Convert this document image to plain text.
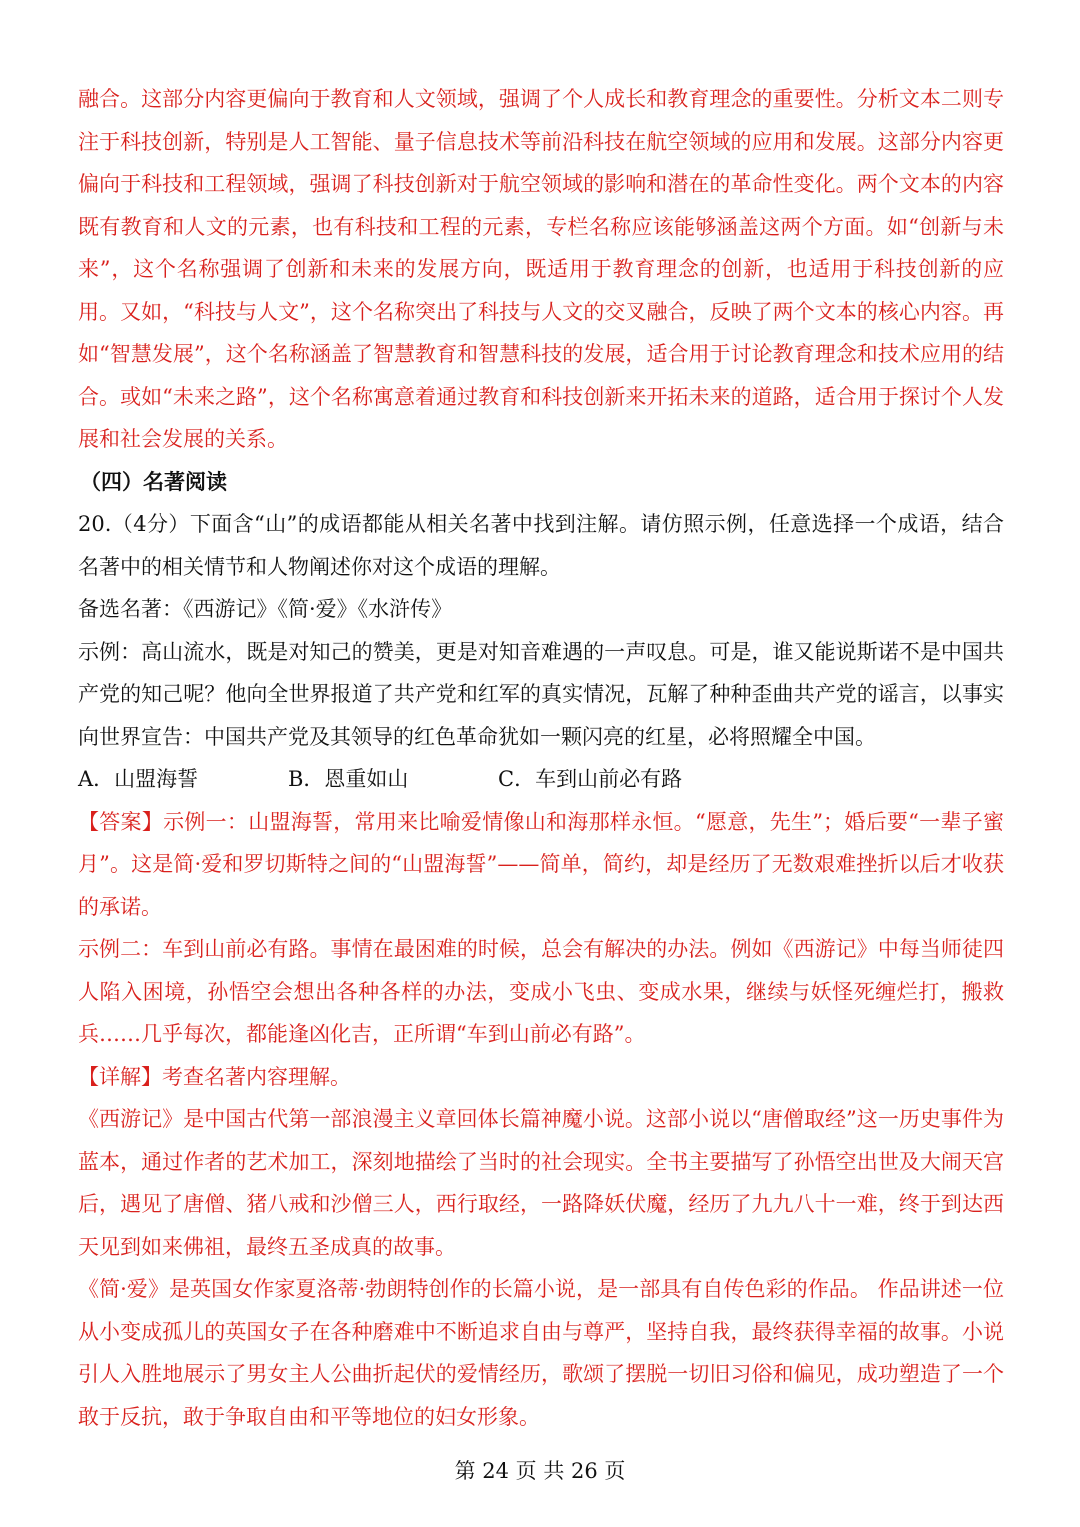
融合。这部分内容更偏向于教育和人文领域，强调了个人成长和教育理念的重要性。分析文本二则专注于科技创新，特别是人工智能、量子信息技术等前沿科技在航空领域的应用和发展。这部分内容更偏向于科技和工程领域，强调了科技创新对于航空领域的影响和潜在的革命性变化。两个文本的内容既有教育和人文的元素，也有科技和工程的元素，专栏名称应该能够涵盖这两个方面。如“创新与未来”，这个名称强调了创新和未来的发展方向，既适用于教育理念的创新，也适用于科技创新的应用。又如，“科技与人文”，这个名称突出了科技与人文的交叉融合，反映了两个文本的核心内容。再如“智慧发展”，这个名称涵盖了智慧教育和智慧科技的发展，适合用于讨论教育理念和技术应用的结合。或如“未来之路”，这个名称寓意着通过教育和科技创新来开拓未来的道路，适合用于探讨个人发展和社会发展的关系。

（四）名著阅读

20.（4分）下面含“山”的成语都能从相关名著中找到注解。请仿照示例，任意选择一个成语，结合名著中的相关情节和人物阐述你对这个成语的理解。

备选名著：《西游记》《简·爱》《水浒传》

示例：高山流水，既是对知己的赞美，更是对知音难遇的一声叹息。可是，谁又能说斯诺不是中国共产党的知己呢？他向全世界报道了共产党和红军的真实情况，瓦解了种种歪曲共产党的谣言，以事实向世界宣告：中国共产党及其领导的红色革命犹如一颗闪亮的红星，必将照耀全中国。

A．山盟海誓	B．恩重如山	C．车到山前必有路

【答案】示例一：山盟海誓，常用来比喻爱情像山和海那样永恒。“愿意，先生”；婚后要“一辈子蜜月”。这是简·爱和罗切斯特之间的“山盟海誓”——简单，简约，却是经历了无数艰难挫折以后才收获的承诺。

示例二：车到山前必有路。事情在最困难的时候，总会有解决的办法。例如《西游记》中每当师徒四人陷入困境，孙悟空会想出各种各样的办法，变成小飞虫、变成水果，继续与妖怪死缠烂打，搬救兵……几乎每次，都能逢凶化吉，正所谓“车到山前必有路”。

【详解】考查名著内容理解。

《西游记》是中国古代第一部浪漫主义章回体长篇神魔小说。这部小说以“唐僧取经”这一历史事件为蓝本，通过作者的艺术加工，深刻地描绘了当时的社会现实。全书主要描写了孙悟空出世及大闹天宫后，遇见了唐僧、猪八戒和沙僧三人，西行取经，一路降妖伏魔，经历了九九八十一难，终于到达西天见到如来佛祖，最终五圣成真的故事。

《简·爱》是英国女作家夏洛蒂·勃朗特创作的长篇小说，是一部具有自传色彩的作品。 作品讲述一位从小变成孤儿的英国女子在各种磨难中不断追求自由与尊严，坚持自我，最终获得幸福的故事。小说引人入胜地展示了男女主人公曲折起伏的爱情经历，歌颂了摆脱一切旧习俗和偏见，成功塑造了一个敢于反抗，敢于争取自由和平等地位的妇女形象。

第 24 页 共 26 页
